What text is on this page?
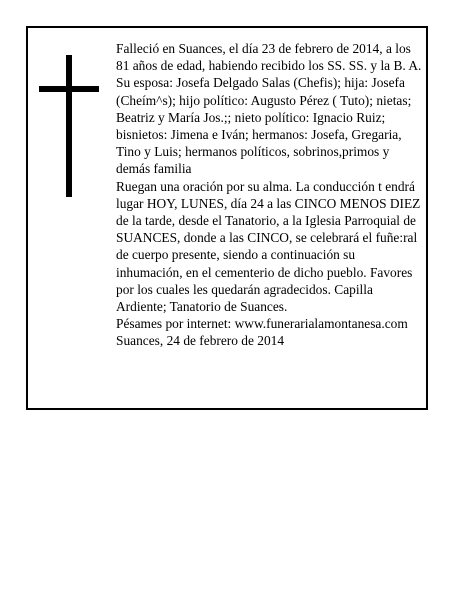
Falleció en Suances, el día 23 de febrero de 2014, a los 81 años de edad, habiendo recibido los SS. SS. y la B. A.

Su esposa: Josefa Delgado Salas (Chefis); hija: Josefa (Cheím^s); hijo político: Augusto Pérez ( Tuto); nietas; Beatriz y María Jos.;; nieto político: Ignacio Ruiz; bisnietos: Jimena e Iván; hermanos: Josefa, Gregaria, Tino y Luis; hermanos políticos, sobrinos,primos y demás familia

Ruegan una oración por su alma. La conducción t endrá lugar HOY, LUNES, día 24 a las CINCO MENOS DIEZ de la tarde, desde el Tanatorio, a la Iglesia Parroquial de SUANCES, donde a las CINCO, se celebrará el fuñe:ral de cuerpo presente, siendo a continuación su inhumación, en el cementerio de dicho pueblo. Favores por los cuales les quedarán agradecidos. Capilla Ardiente; Tanatorio de Suances.

Pésames por internet: www.funerarialamontanesa.com

Suances, 24 de febrero de 2014
